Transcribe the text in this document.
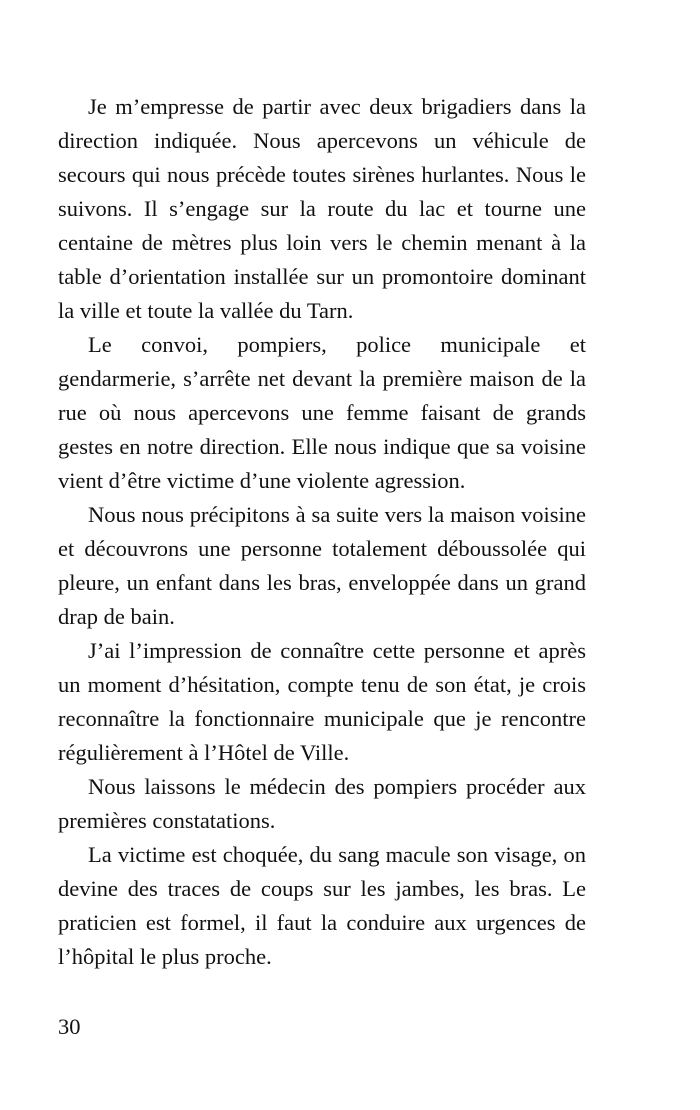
Je m’empresse de partir avec deux brigadiers dans la direction indiquée. Nous apercevons un véhicule de secours qui nous précède toutes sirènes hurlantes. Nous le suivons. Il s’engage sur la route du lac et tourne une centaine de mètres plus loin vers le chemin menant à la table d’orientation installée sur un promontoire dominant la ville et toute la vallée du Tarn.

Le convoi, pompiers, police municipale et gendarmerie, s’arrête net devant la première maison de la rue où nous apercevons une femme faisant de grands gestes en notre direction. Elle nous indique que sa voisine vient d’être victime d’une violente agression.

Nous nous précipitons à sa suite vers la maison voisine et découvrons une personne totalement déboussolée qui pleure, un enfant dans les bras, enveloppée dans un grand drap de bain.

J’ai l’impression de connaître cette personne et après un moment d’hésitation, compte tenu de son état, je crois reconnaître la fonctionnaire municipale que je rencontre régulièrement à l’Hôtel de Ville.

Nous laissons le médecin des pompiers procéder aux premières constatations.

La victime est choquée, du sang macule son visage, on devine des traces de coups sur les jambes, les bras. Le praticien est formel, il faut la conduire aux urgences de l’hôpital le plus proche.

30
